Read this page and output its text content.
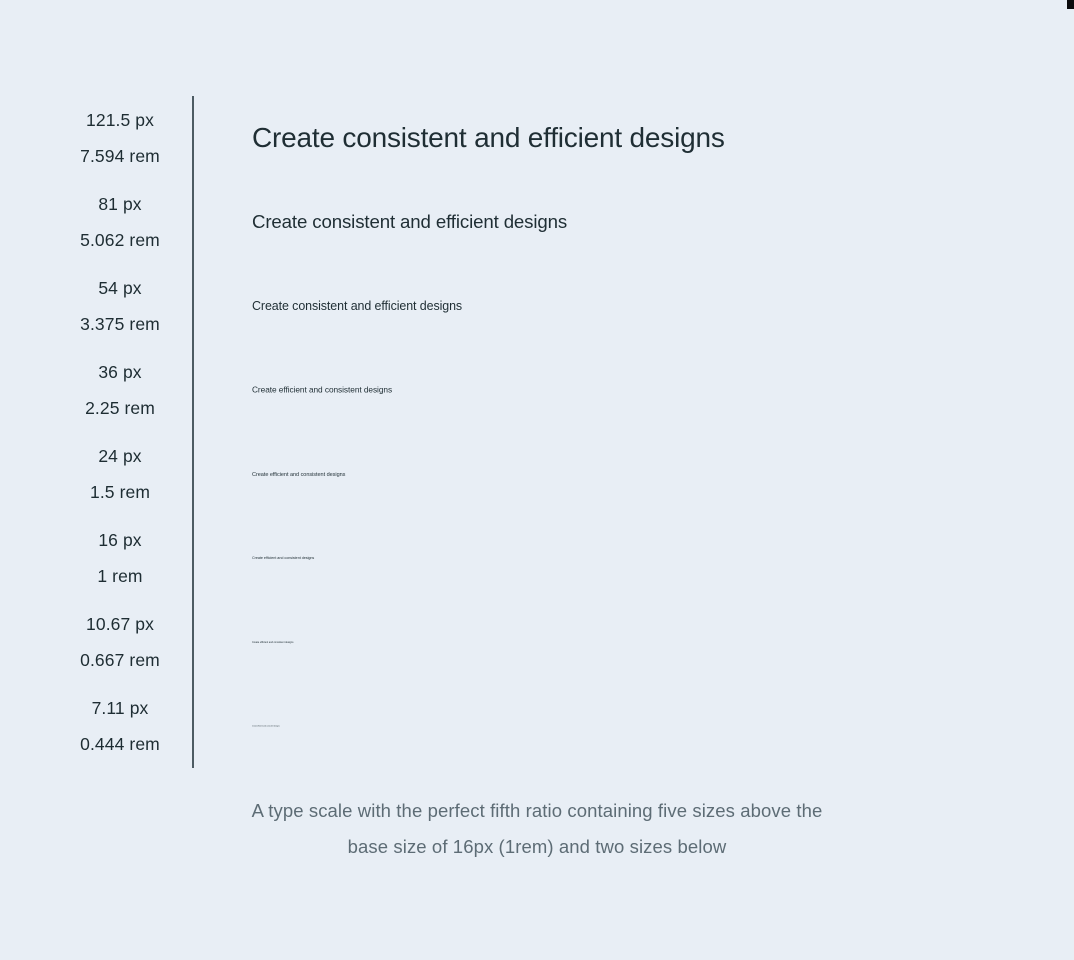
121.5 px
7.594 rem
81 px
5.062 rem
54 px
3.375 rem
36 px
2.25 rem
24 px
1.5 rem
16 px
1 rem
10.67 px
0.667 rem
7.11 px
0.444 rem
Create consistent and efficient designs
Create consistent and efficient designs
Create consistent and efficient designs
Create efficient and consistent designs
Create efficient and consistent designs
Create efficient and consistent designs
Create efficient and consistent designs
Create efficient and consistent designs
A type scale with the perfect fifth ratio containing five sizes above the
base size of 16px (1rem) and two sizes below
